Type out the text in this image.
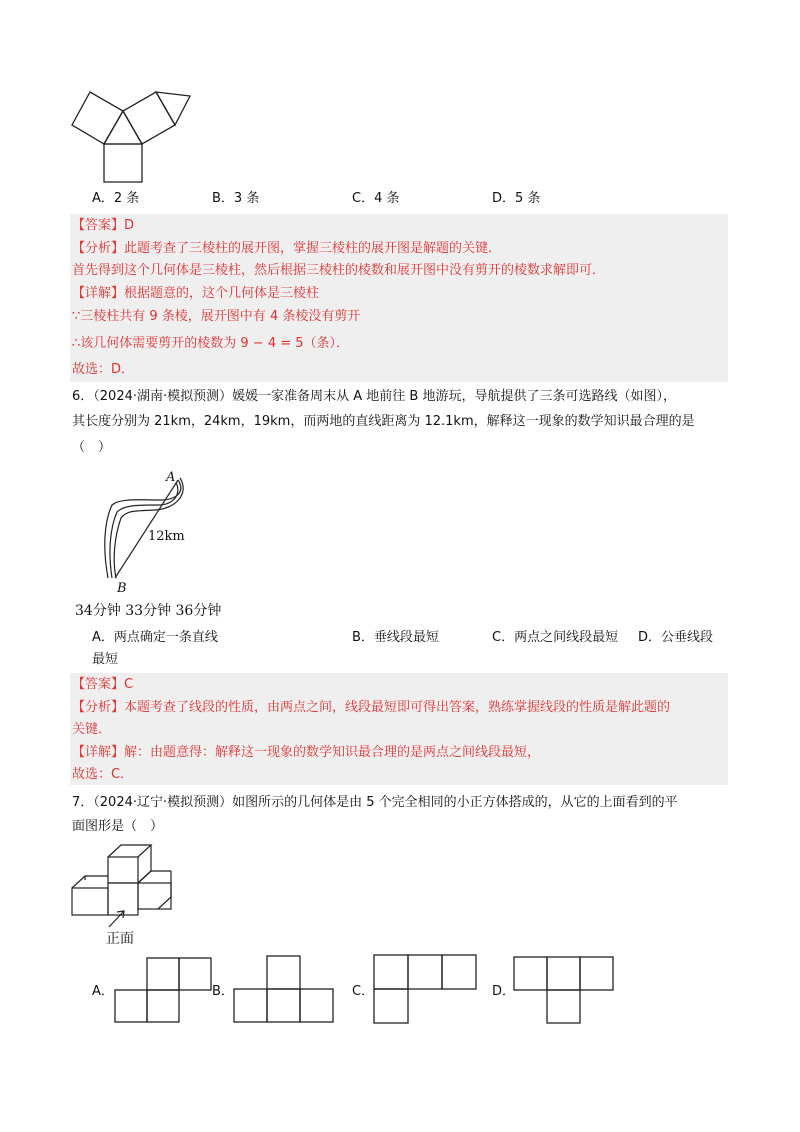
A．2 条	B．3 条	C．4 条	D．5 条
【答案】D
【分析】此题考查了三棱柱的展开图，掌握三棱柱的展开图是解题的关键．
首先得到这个几何体是三棱柱，然后根据三棱柱的棱数和展开图中没有剪开的棱数求解即可．
【详解】根据题意的，这个几何体是三棱柱
∵三棱柱共有 9 条棱，展开图中有 4 条棱没有剪开
∴该几何体需要剪开的棱数为 9 − 4 = 5（条）．
故选：D．
6．（2024·湖南·模拟预测）媛媛一家准备周末从 A 地前往 B 地游玩，导航提供了三条可选路线（如图），
其长度分别为 21km，24km，19km，而两地的直线距离为 12.1km，解释这一现象的数学知识最合理的是
（　）
A
B
12km
34分钟 33分钟 36分钟
A．两点确定一条直线	B．垂线段最短	C．两点之间线段最短 D．公垂线段
最短
【答案】C
【分析】本题考查了线段的性质，由两点之间，线段最短即可得出答案，熟练掌握线段的性质是解此题的
关键．
【详解】解：由题意得：解释这一现象的数学知识最合理的是两点之间线段最短，
故选：C．
7．（2024·辽宁·模拟预测）如图所示的几何体是由 5 个完全相同的小正方体搭成的，从它的上面看到的平
面图形是（　）
正面
A．	B．	C．	D．
